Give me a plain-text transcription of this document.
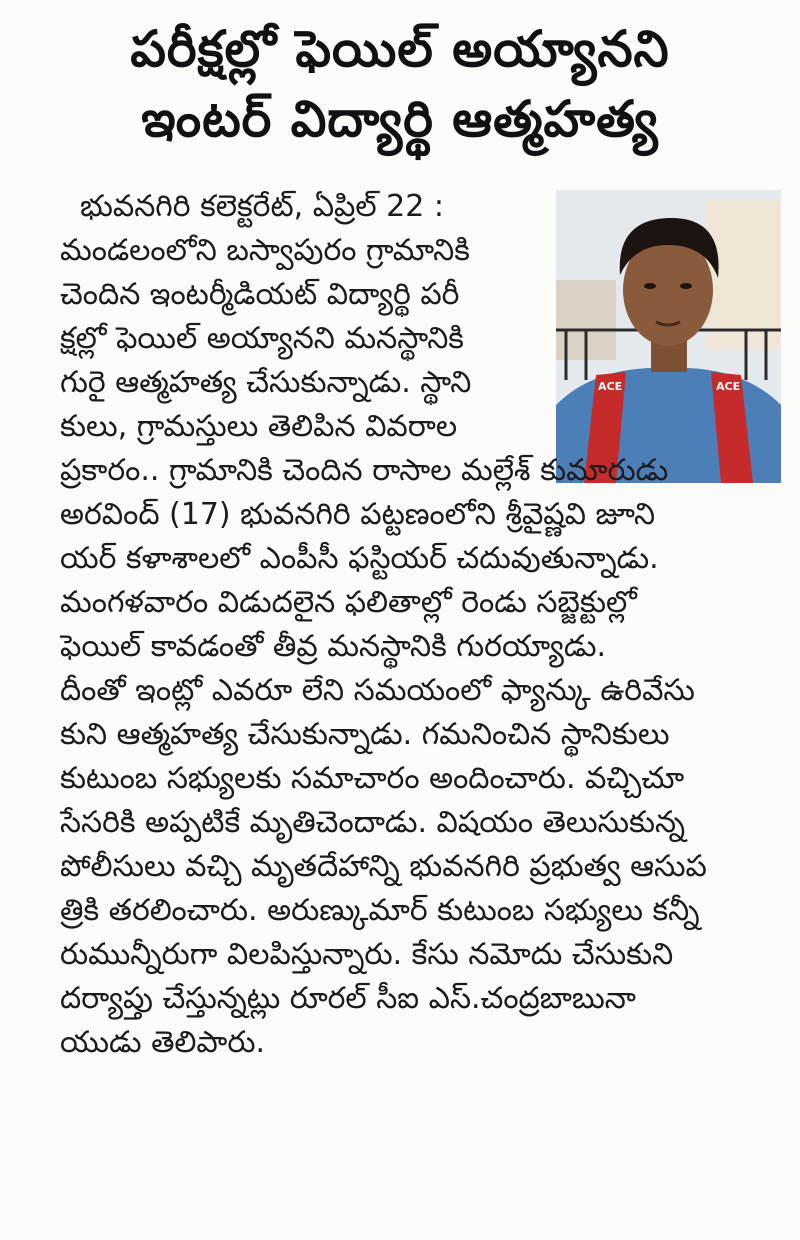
పరీక్షల్లో ఫెయిల్ అయ్యానని
ఇంటర్ విద్యార్థి ఆత్మహత్య
ACE	ACE
భువనగిరి కలెక్టరేట్, ఏప్రిల్ 22 :
మండలంలోని బస్వాపురం గ్రామానికి
చెందిన ఇంటర్మీడియట్ విద్యార్థి పరీ
క్షల్లో ఫెయిల్ అయ్యానని మనస్థానికి
గురై ఆత్మహత్య చేసుకున్నాడు. స్థాని
కులు, గ్రామస్తులు తెలిపిన వివరాల
ప్రకారం.. గ్రామానికి చెందిన రాసాల మల్లేశ్ కుమారుడు
అరవింద్ (17) భువనగిరి పట్టణంలోని శ్రీవైష్ణవి జూని
యర్ కళాశాలలో ఎంపీసీ ఫస్టియర్ చదువుతున్నాడు.
మంగళవారం విడుదలైన ఫలితాల్లో రెండు సబ్జెక్టుల్లో
ఫెయిల్ కావడంతో తీవ్ర మనస్థానికి గురయ్యాడు.
దీంతో ఇంట్లో ఎవరూ లేని సమయంలో ఫ్యాన్కు ఉరివేసు
కుని ఆత్మహత్య చేసుకున్నాడు. గమనించిన స్థానికులు
కుటుంబ సభ్యులకు సమాచారం అందించారు. వచ్చిచూ
సేసరికి అప్పటికే మృతిచెందాడు. విషయం తెలుసుకున్న
పోలీసులు వచ్చి మృతదేహాన్ని భువనగిరి ప్రభుత్వ ఆసుప
త్రికి తరలించారు. అరుణ్కుమార్ కుటుంబ సభ్యులు కన్నీ
రుమున్నీరుగా విలపిస్తున్నారు. కేసు నమోదు చేసుకుని
దర్యాప్తు చేస్తున్నట్లు రూరల్ సీఐ ఎస్.చంద్రబాబునా
యుడు తెలిపారు.
